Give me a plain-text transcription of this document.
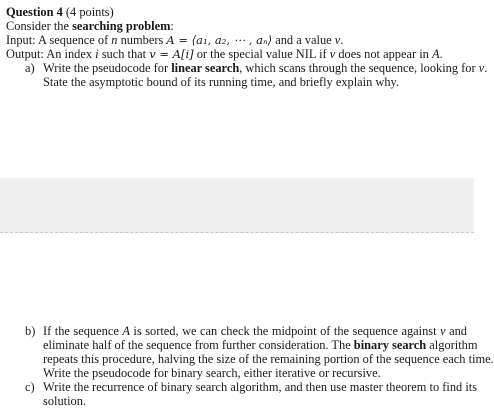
Question 4 (4 points)
Consider the searching problem:
Input: A sequence of n numbers A = ⟨a₁, a₂, ⋯ , aₙ⟩ and a value v.
Output: An index i such that v = A[i] or the special value NIL if v does not appear in A.
a) Write the pseudocode for linear search, which scans through the sequence, looking for v.
State the asymptotic bound of its running time, and briefly explain why.
b) If the sequence A is sorted, we can check the midpoint of the sequence against v and
eliminate half of the sequence from further consideration. The binary search algorithm
repeats this procedure, halving the size of the remaining portion of the sequence each time.
Write the pseudocode for binary search, either iterative or recursive.
c) Write the recurrence of binary search algorithm, and then use master theorem to find its
solution.
